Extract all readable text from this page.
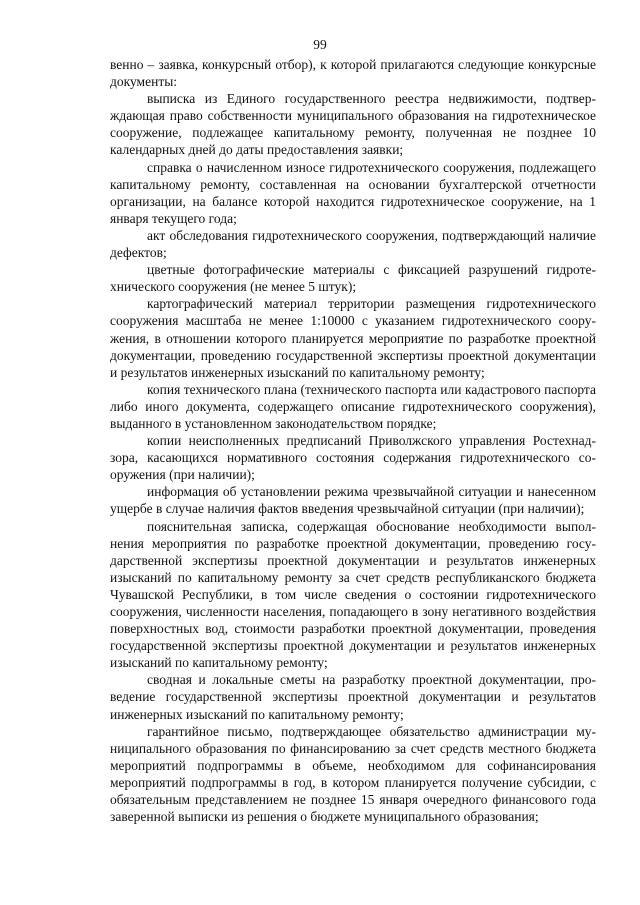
99

венно – заявка, конкурсный отбор), к которой прилагаются следующие конкурсные документы:

выписка из Единого государственного реестра недвижимости, подтверждающая право собственности муниципального образования на гидротехническое сооружение, подлежащее капитальному ремонту, полученная не позднее 10 календарных дней до даты предоставления заявки;

справка о начисленном износе гидротехнического сооружения, подлежащего капитальному ремонту, составленная на основании бухгалтерской отчетности организации, на балансе которой находится гидротехническое сооружение, на 1 января текущего года;

акт обследования гидротехнического сооружения, подтверждающий наличие дефектов;

цветные фотографические материалы с фиксацией разрушений гидротехнического сооружения (не менее 5 штук);

картографический материал территории размещения гидротехнического сооружения масштаба не менее 1:10000 с указанием гидротехнического сооружения, в отношении которого планируется мероприятие по разработке проектной документации, проведению государственной экспертизы проектной документации и результатов инженерных изысканий по капитальному ремонту;

копия технического плана (технического паспорта или кадастрового паспорта либо иного документа, содержащего описание гидротехнического сооружения), выданного в установленном законодательством порядке;

копии неисполненных предписаний Приволжского управления Ростехнадзора, касающихся нормативного состояния содержания гидротехнического сооружения (при наличии);

информация об установлении режима чрезвычайной ситуации и нанесенном ущербе в случае наличия фактов введения чрезвычайной ситуации (при наличии);

пояснительная записка, содержащая обоснование необходимости выполнения мероприятия по разработке проектной документации, проведению государственной экспертизы проектной документации и результатов инженерных изысканий по капитальному ремонту за счет средств республиканского бюджета Чувашской Республики, в том числе сведения о состоянии гидротехнического сооружения, численности населения, попадающего в зону негативного воздействия поверхностных вод, стоимости разработки проектной документации, проведения государственной экспертизы проектной документации и результатов инженерных изысканий по капитальному ремонту;

сводная и локальные сметы на разработку проектной документации, проведение государственной экспертизы проектной документации и результатов инженерных изысканий по капитальному ремонту;

гарантийное письмо, подтверждающее обязательство администрации муниципального образования по финансированию за счет средств местного бюджета мероприятий подпрограммы в объеме, необходимом для софинансирования мероприятий подпрограммы в год, в котором планируется получение субсидии, с обязательным представлением не позднее 15 января очередного финансового года заверенной выписки из решения о бюджете муниципального образования;
